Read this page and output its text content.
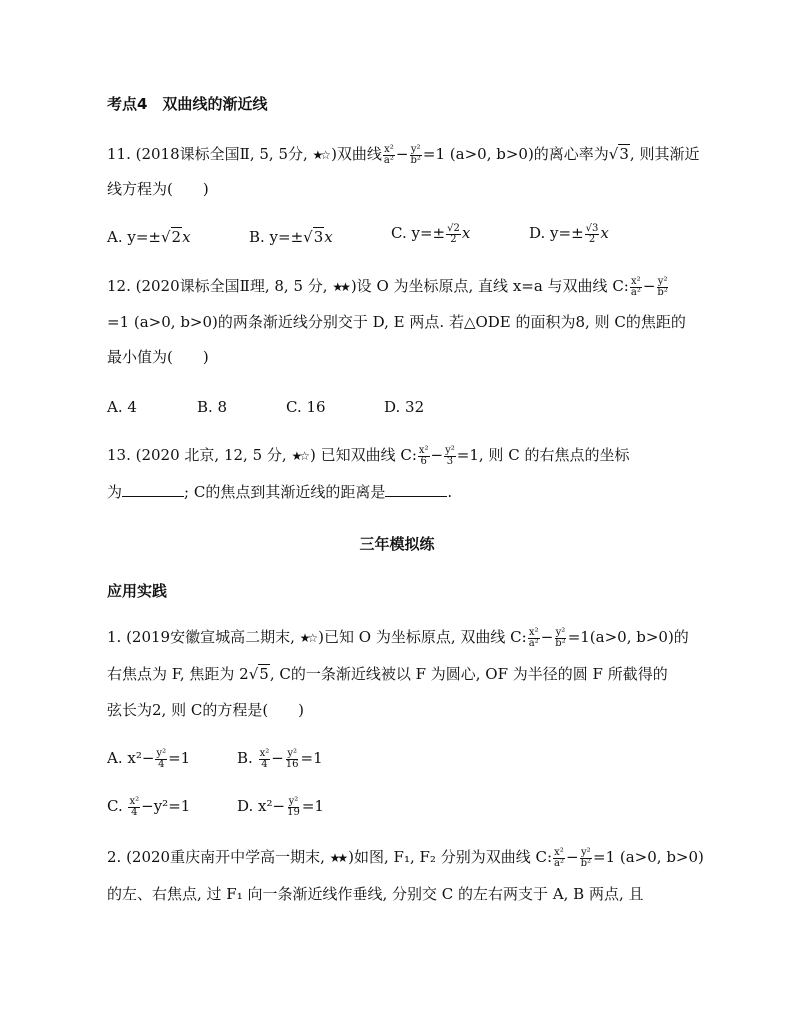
考点4　双曲线的渐近线
11. (2018课标全国Ⅱ, 5, 5分, ★☆ )双曲线 $\frac{\text{x²}}{\text{a²}} - \frac{\text{y²}}{\text{b²}} =1$ (a>0, b>0)的离心率为√3, 则其渐近
线方程为(　　)
A. y=±√2x	B. y=±√3x	C. $y=\pm \frac{√2}{2}$ x	D. $y=\pm \frac{√3}{2}$ x
12. (2020课标全国Ⅱ理, 8, 5 分, ★★ )设 O 为坐标原点, 直线 x=a 与双曲线 C: $\frac{\text{x²}}{\text{a²}} - \frac{\text{y²}}{\text{b²}}$
=1 (a>0, b>0)的两条渐近线分别交于 D, E 两点. 若△ODE 的面积为8, 则 C的焦距的
最小值为(　　)
A. 4	B. 8	C. 16	D. 32
13. (2020 北京, 12, 5 分, ★☆ ) 已知双曲线 C: $\frac{\text{x²}}{6} - \frac{\text{y²}}{3} =1$, 则 C 的右焦点的坐标
为	; C的焦点到其渐近线的距离是	.
三年模拟练
应用实践
1. (2019安徽宣城高二期末, ★☆ )已知 O 为坐标原点, 双曲线 C: $\frac{\text{x²}}{\text{a²}} - \frac{\text{y²}}{\text{b²}} =1(a>0$, b>0)的
右焦点为 F, 焦距为 2√5, C的一条渐近线被以 F 为圆心, OF 为半径的圆 F 所截得的
弦长为2, 则 C的方程是(　　)
A. $x^2- \frac{\text{y²}}{4} =1$	B. $\frac{\text{x²}}{4} - \frac{\text{y²}}{16} =1$
C. $\frac{\text{x²}}{4} -y^2=1$	D. $x^2- \frac{\text{y²}}{19} =1$
2. (2020重庆南开中学高一期末, ★★ )如图, F₁, F₂ 分别为双曲线 C: $\frac{\text{x²}}{\text{a²}} - \frac{\text{y²}}{\text{b²}} =1$ (a>0, b>0)
的左、右焦点, 过 F₁ 向一条渐近线作垂线, 分别交 C 的左右两支于 A, B 两点, 且
